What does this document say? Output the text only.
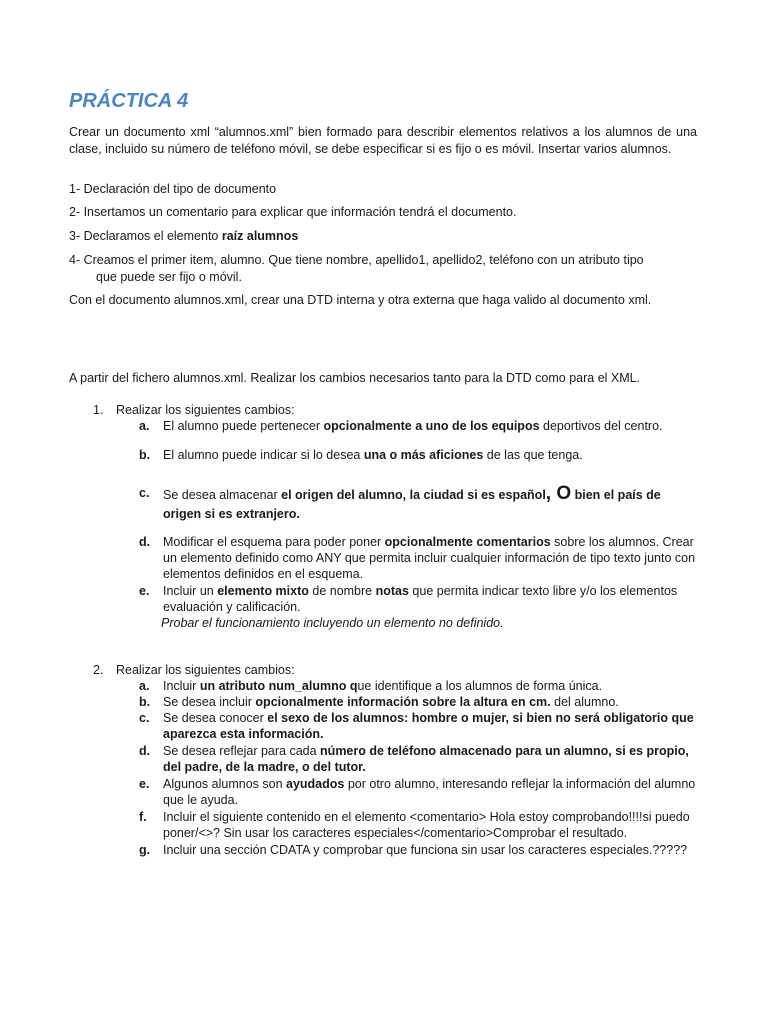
PRÁCTICA 4

Crear un documento xml “alumnos.xml” bien formado para describir elementos relativos a los alumnos de una clase, incluido su número de teléfono móvil, se debe especificar si es fijo o es móvil. Insertar varios alumnos.

1- Declaración del tipo de documento

2- Insertamos un comentario para explicar que información tendrá el documento.

3- Declaramos el elemento raíz alumnos

4- Creamos el primer item, alumno. Que tiene nombre, apellido1, apellido2, teléfono con un atributo tipo
que puede ser fijo o móvil.

Con el documento alumnos.xml, crear una DTD interna y otra externa que haga valido al documento xml.

A partir del fichero alumnos.xml. Realizar los cambios necesarios tanto para la DTD como para el XML.

1. Realizar los siguientes cambios:

a. El alumno puede pertenecer opcionalmente a uno de los equipos deportivos del centro.
b. El alumno puede indicar si lo desea una o más aficiones de las que tenga.
c. Se desea almacenar el origen del alumno, la ciudad si es español, O bien el país de origen si es extranjero.
d. Modificar el esquema para poder poner opcionalmente comentarios sobre los alumnos. Crear un elemento definido como ANY que permita incluir cualquier información de tipo texto junto con elementos definidos en el esquema.
e. Incluir un elemento mixto de nombre notas que permita indicar texto libre y/o los elementos evaluación y calificación.

Probar el funcionamiento incluyendo un elemento no definido.

2. Realizar los siguientes cambios:

a. Incluir un atributo num_alumno que identifique a los alumnos de forma única.
b. Se desea incluir opcionalmente información sobre la altura en cm. del alumno.
c. Se desea conocer el sexo de los alumnos: hombre o mujer, si bien no será obligatorio que aparezca esta información.
d. Se desea reflejar para cada número de teléfono almacenado para un alumno, si es propio, del padre, de la madre, o del tutor.
e. Algunos alumnos son ayudados por otro alumno, interesando reflejar la información del alumno que le ayuda.
f. Incluir el siguiente contenido en el elemento <comentario> Hola estoy comprobando!!!!si puedo poner/<>? Sin usar los caracteres especiales</comentario>Comprobar el resultado.
g. Incluir una sección CDATA y comprobar que funciona sin usar los caracteres especiales.?????
